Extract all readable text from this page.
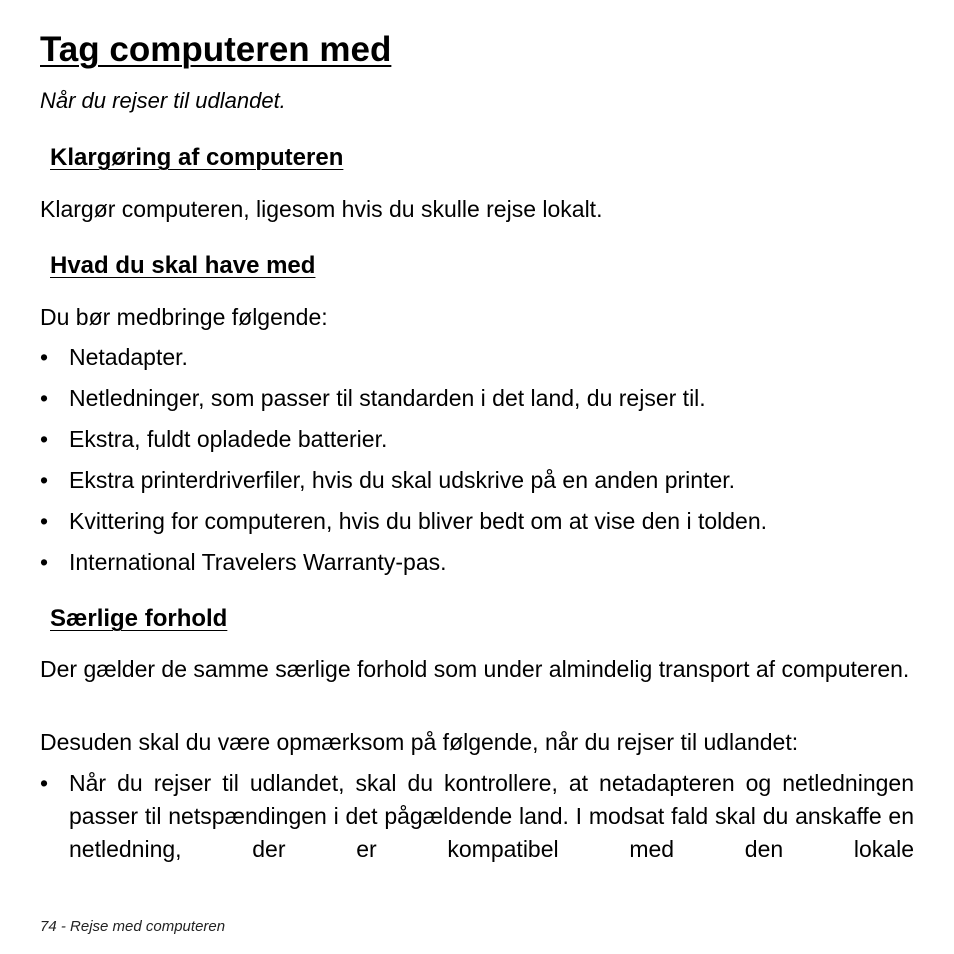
Tag computeren med

Når du rejser til udlandet.

Klargøring af computeren

Klargør computeren, ligesom hvis du skulle rejse lokalt.

Hvad du skal have med

Du bør medbringe følgende:

• Netadapter.
• Netledninger, som passer til standarden i det land, du rejser til.
• Ekstra, fuldt opladede batterier.
• Ekstra printerdriverfiler, hvis du skal udskrive på en anden printer.
• Kvittering for computeren, hvis du bliver bedt om at vise den i tolden.
• International Travelers Warranty-pas.
Særlige forhold

Der gælder de samme særlige forhold som under almindelig transport af computeren.

Desuden skal du være opmærksom på følgende, når du rejser til udlandet:

• Når du rejser til udlandet, skal du kontrollere, at netadapteren og netledningen passer til netspændingen i det pågældende land. I modsat fald skal du anskaffe en netledning, der er kompatibel med den lokale

74 - Rejse med computeren
